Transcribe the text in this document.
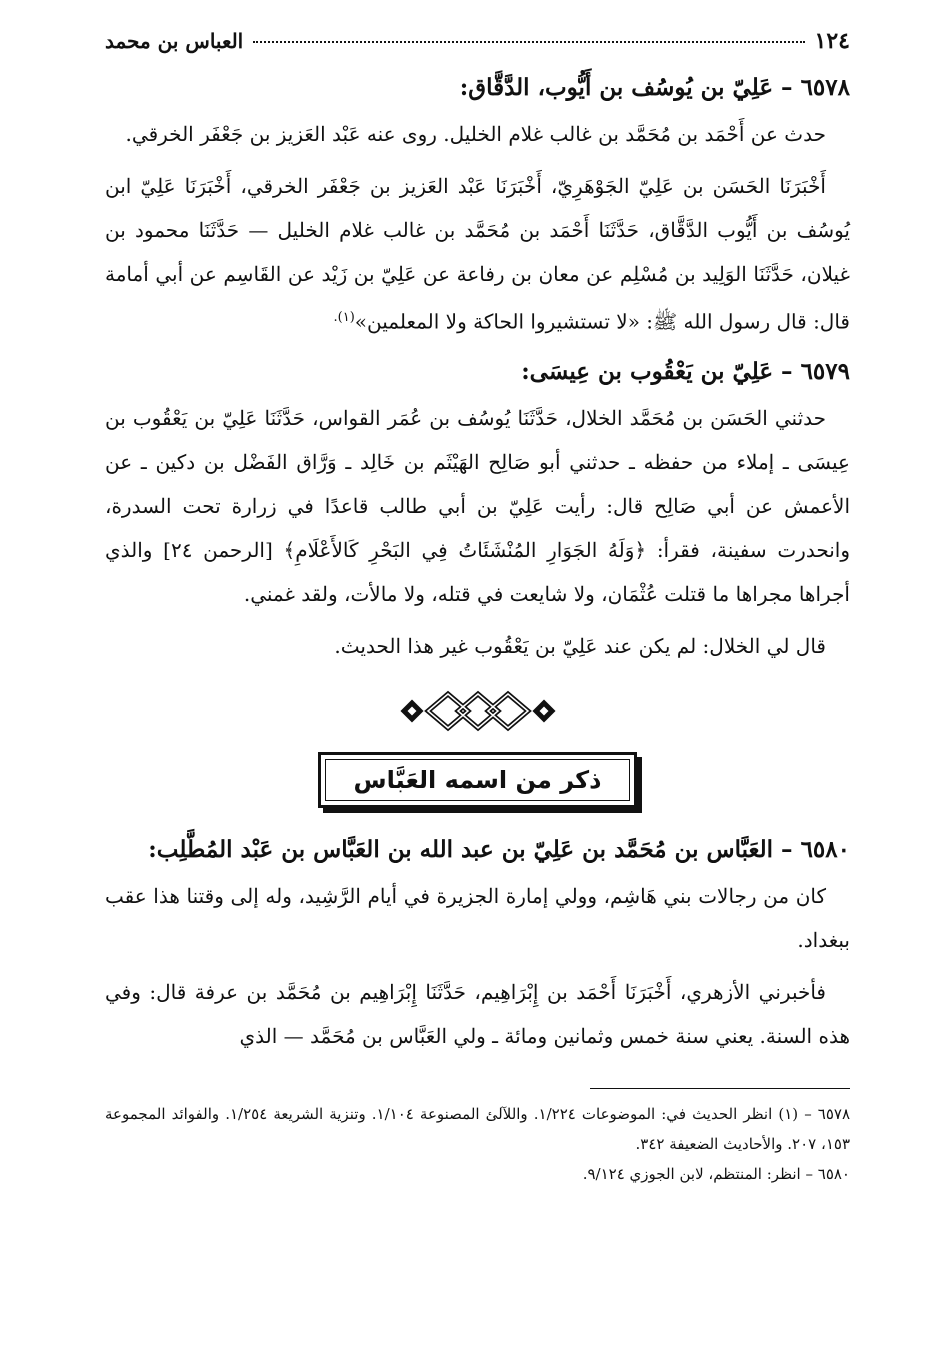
١٢٤
العباس بن محمد
٦٥٧٨ – عَلِيّ بن يُوسُف بن أَيُّوب، الدَّقَّاق:

حدث عن أَحْمَد بن مُحَمَّد بن غالب غلام الخليل. روى عنه عَبْد العَزيز بن جَعْفَر الخرقي.

أَخْبَرَنَا الحَسَن بن عَلِيّ الجَوْهَرِيّ، أَخْبَرَنَا عَبْد العَزيز بن جَعْفَر الخرقي، أَخْبَرَنَا عَلِيّ ابن يُوسُف بن أَيُّوب الدَّقَّاق، حَدَّثَنَا أَحْمَد بن مُحَمَّد بن غالب غلام الخليل — حَدَّثَنَا محمود بن غيلان، حَدَّثَنَا الوَلِيد بن مُسْلِم عن معان بن رفاعة عن عَلِيّ بن زَيْد عن القَاسِم عن أبي أمامة قال: قال رسول الله ﷺ: «لا تستشيروا الحاكة ولا المعلمين»$^{(١).}$

٦٥٧٩ – عَلِيّ بن يَعْقُوب بن عِيسَى:

حدثني الحَسَن بن مُحَمَّد الخلال، حَدَّثَنَا يُوسُف بن عُمَر القواس، حَدَّثَنَا عَلِيّ بن يَعْقُوب بن عِيسَى ـ إملاء من حفظه ـ حدثني أبو صَالِح الهَيْثَم بن خَالِد ـ وَرَّاق الفَضْل بن دكين ـ عن الأعمش عن أبي صَالِح قال: رأيت عَلِيّ بن أبي طالب قاعدًا في زرارة تحت السدرة، وانحدرت سفينة، فقرأ: ﴿وَلَهُ الجَوَارِ المُنْشَئَاتُ فِي البَحْرِ كَالأَعْلَامِ﴾ [الرحمن ٢٤] والذي أجراها مجراها ما قتلت عُثْمَان، ولا شايعت في قتله، ولا مالأت، ولقد غمني.

قال لي الخلال: لم يكن عند عَلِيّ بن يَعْقُوب غير هذا الحديث.

ذكر من اسمه العَبَّاس
٦٥٨٠ – العَبَّاس بن مُحَمَّد بن عَلِيّ بن عبد الله بن العَبَّاس بن عَبْد المُطَّلِب:

كان من رجالات بني هَاشِم، وولي إمارة الجزيرة في أيام الرَّشِيد، وله إلى وقتنا هذا عقب ببغداد.

فأخبرني الأزهري، أَخْبَرَنَا أَحْمَد بن إِبْرَاهِيم، حَدَّثَنَا إِبْرَاهِيم بن مُحَمَّد بن عرفة قال: وفي هذه السنة. يعني سنة خمس وثمانين ومائة ـ ولي العَبَّاس بن مُحَمَّد — الذي

٦٥٧٨ – (١) انظر الحديث في: الموضوعات ١/٢٢٤. واللآلئ المصنوعة ١/١٠٤. وتنزية الشريعة ١/٢٥٤. والفوائد المجموعة ١٥٣، ٢٠٧. والأحاديث الضعيفة ٣٤٢.

٦٥٨٠ – انظر: المنتظم، لابن الجوزي ٩/١٢٤.
